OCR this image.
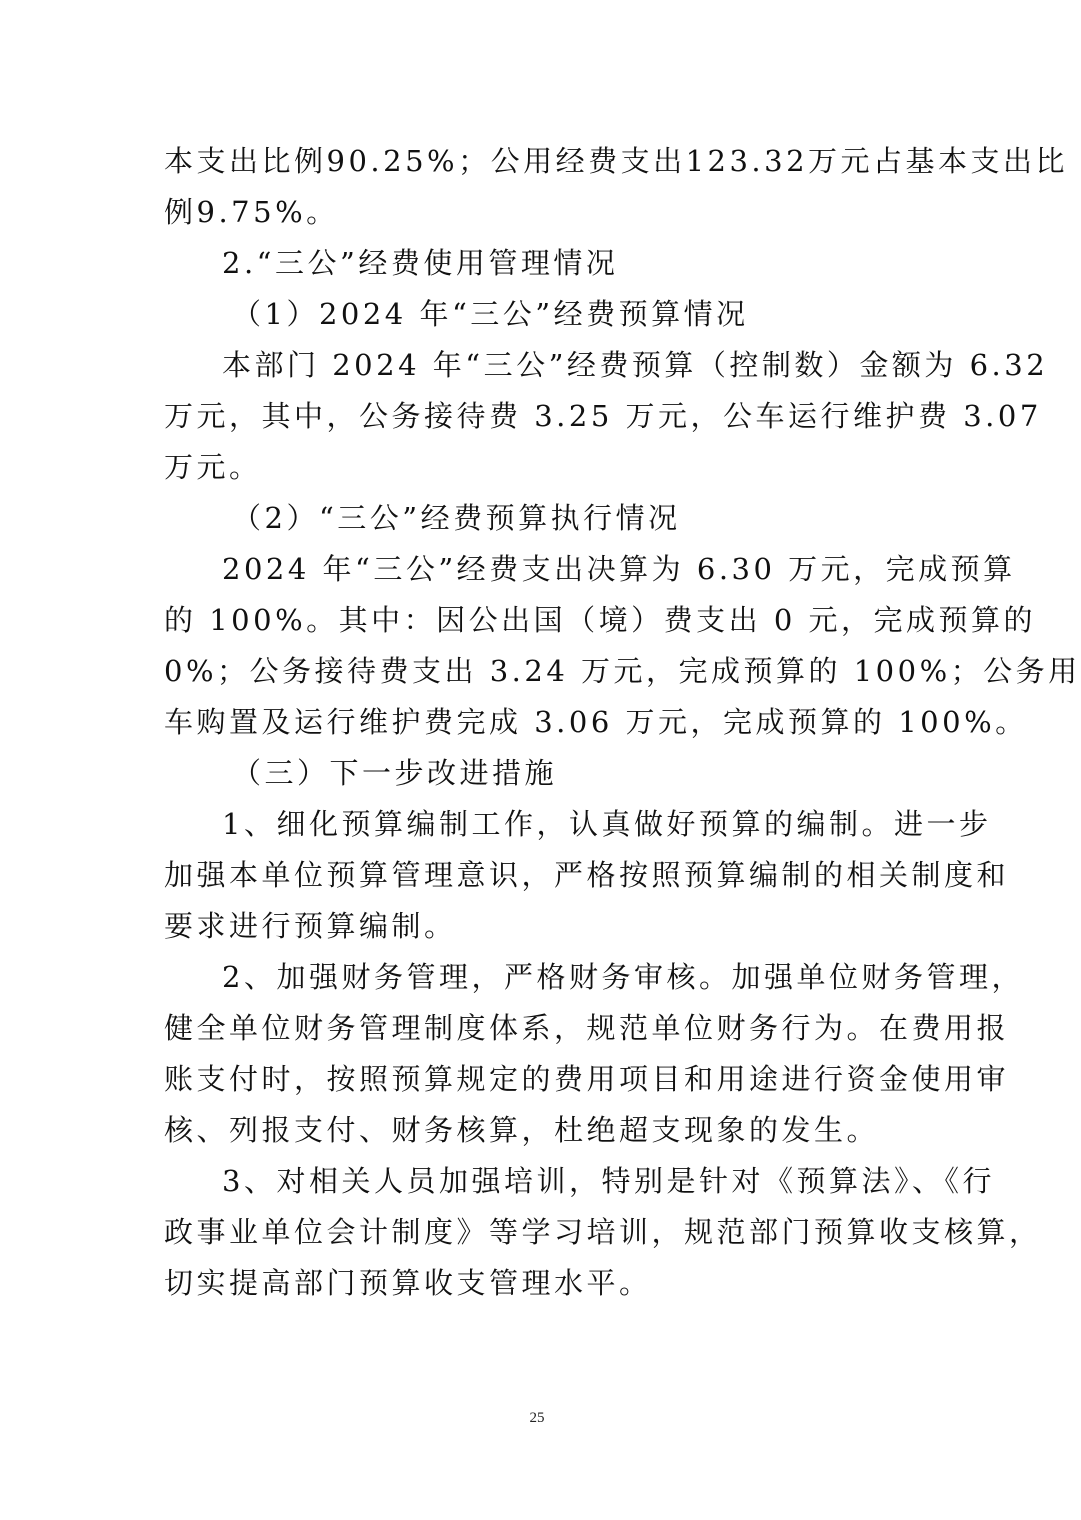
本支出比例90.25%；公用经费支出123.32万元占基本支出比
例9.75%。
2.“三公”经费使用管理情况
（1）2024 年“三公”经费预算情况
本部门 2024 年“三公”经费预算（控制数）金额为 6.32
万元，其中，公务接待费 3.25 万元，公车运行维护费 3.07
万元。
（2）“三公”经费预算执行情况
2024 年“三公”经费支出决算为 6.30 万元，完成预算
的 100%。其中：因公出国（境）费支出 0 元，完成预算的
0%；公务接待费支出 3.24 万元，完成预算的 100%；公务用
车购置及运行维护费完成 3.06 万元，完成预算的 100%。
（三）下一步改进措施
1、细化预算编制工作，认真做好预算的编制。进一步
加强本单位预算管理意识，严格按照预算编制的相关制度和
要求进行预算编制。
2、加强财务管理，严格财务审核。加强单位财务管理，
健全单位财务管理制度体系，规范单位财务行为。在费用报
账支付时，按照预算规定的费用项目和用途进行资金使用审
核、列报支付、财务核算，杜绝超支现象的发生。
3、对相关人员加强培训，特别是针对《预算法》、《行
政事业单位会计制度》等学习培训，规范部门预算收支核算，
切实提高部门预算收支管理水平。
25
